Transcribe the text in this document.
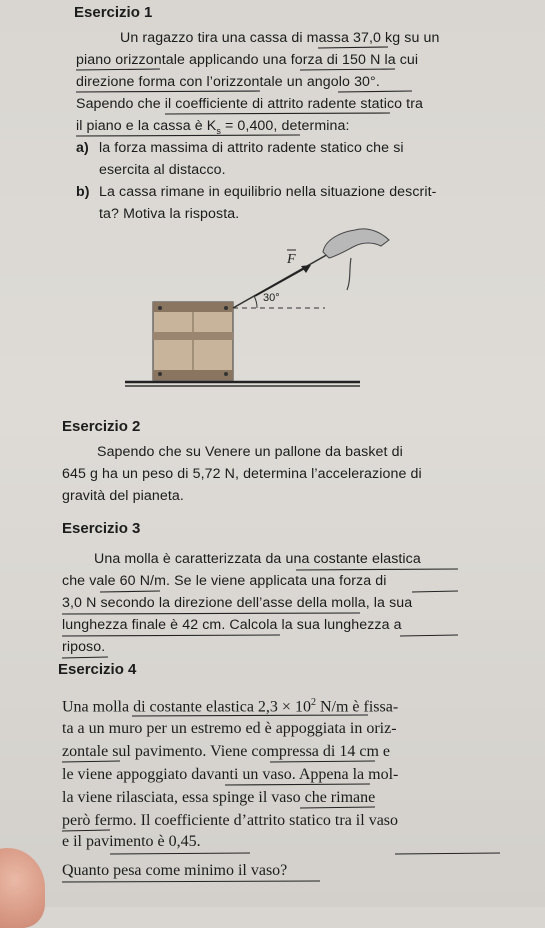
Esercizio 1
Un ragazzo tira una cassa di massa 37,0 kg su un
piano orizzontale applicando una forza di 150 N la cui
direzione forma con l’orizzontale un angolo 30°.
Sapendo che il coefficiente di attrito radente statico tra
il piano e la cassa è $K_s = 0,400$, determina:
a) la forza massima di attrito radente statico che si
esercita al distacco.
b) La cassa rimane in equilibrio nella situazione descrit-
ta? Motiva la risposta.
F
30°
Esercizio 2
Sapendo che su Venere un pallone da basket di
645 g ha un peso di 5,72 N, determina l’accelerazione di
gravità del pianeta.
Esercizio 3
Una molla è caratterizzata da una costante elastica
che vale 60 N/m. Se le viene applicata una forza di
3,0 N secondo la direzione dell’asse della molla, la sua
lunghezza finale è 42 cm. Calcola la sua lunghezza a
riposo.
Esercizio 4
Una molla di costante elastica $2,3 \times 10^2$ N/m è fissa-
ta a un muro per un estremo ed è appoggiata in oriz-
zontale sul pavimento. Viene compressa di 14 cm e
le viene appoggiato davanti un vaso. Appena la mol-
la viene rilasciata, essa spinge il vaso che rimane
però fermo. Il coefficiente d’attrito statico tra il vaso
e il pavimento è 0,45.
Quanto pesa come minimo il vaso?
